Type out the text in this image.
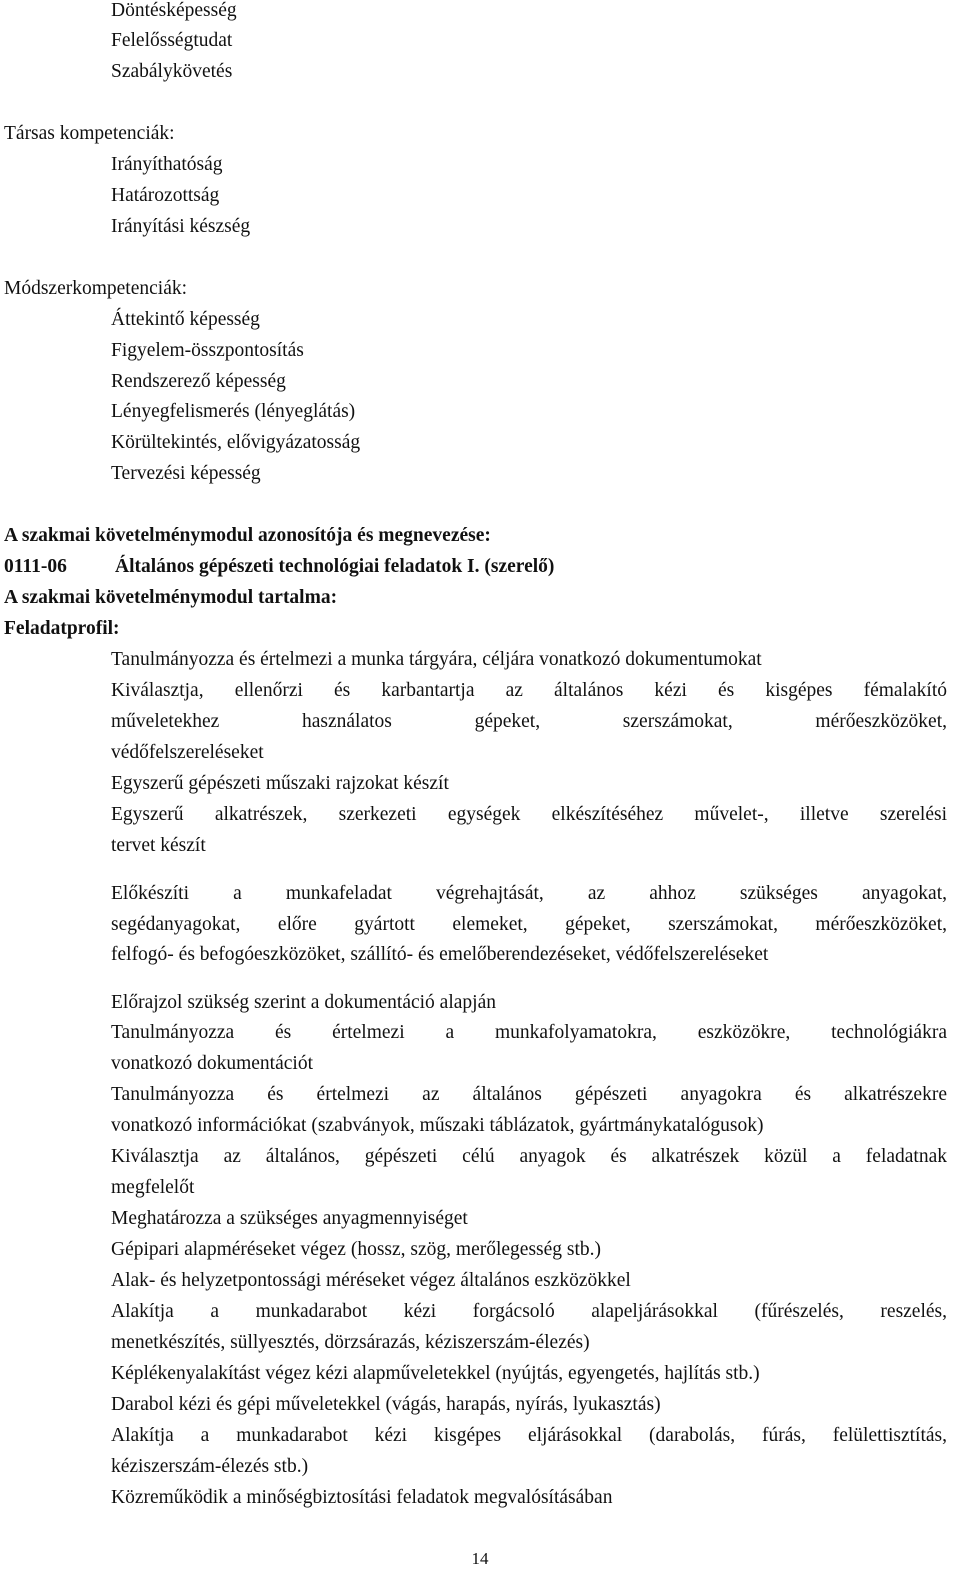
Döntésképesség
Felelősségtudat
Szabálykövetés
Társas kompetenciák:
Irányíthatóság
Határozottság
Irányítási készség
Módszerkompetenciák:
Áttekintő képesség
Figyelem-összpontosítás
Rendszerező képesség
Lényegfelismerés (lényeglátás)
Körültekintés, elővigyázatosság
Tervezési képesség
A szakmai követelménymodul azonosítója és megnevezése:
0111-06 Általános gépészeti technológiai feladatok I. (szerelő)
A szakmai követelménymodul tartalma:
Feladatprofil:
Tanulmányozza és értelmezi a munka tárgyára, céljára vonatkozó dokumentumokat
Kiválasztja, ellenőrzi és karbantartja az általános kézi és kisgépes fémalakító
műveletekhez használatos gépeket, szerszámokat, mérőeszközöket,
védőfelszereléseket
Egyszerű gépészeti műszaki rajzokat készít
Egyszerű alkatrészek, szerkezeti egységek elkészítéséhez művelet-, illetve szerelési
tervet készít
Előkészíti a munkafeladat végrehajtását, az ahhoz szükséges anyagokat,
segédanyagokat, előre gyártott elemeket, gépeket, szerszámokat, mérőeszközöket,
felfogó- és befogóeszközöket, szállító- és emelőberendezéseket, védőfelszereléseket
Előrajzol szükség szerint a dokumentáció alapján
Tanulmányozza és értelmezi a munkafolyamatokra, eszközökre, technológiákra
vonatkozó dokumentációt
Tanulmányozza és értelmezi az általános gépészeti anyagokra és alkatrészekre
vonatkozó információkat (szabványok, műszaki táblázatok, gyártmánykatalógusok)
Kiválasztja az általános, gépészeti célú anyagok és alkatrészek közül a feladatnak
megfelelőt
Meghatározza a szükséges anyagmennyiséget
Gépipari alapméréseket végez (hossz, szög, merőlegesség stb.)
Alak- és helyzetpontossági méréseket végez általános eszközökkel
Alakítja a munkadarabot kézi forgácsoló alapeljárásokkal (fűrészelés, reszelés,
menetkészítés, süllyesztés, dörzsárazás, kéziszerszám-élezés)
Képlékenyalakítást végez kézi alapműveletekkel (nyújtás, egyengetés, hajlítás stb.)
Darabol kézi és gépi műveletekkel (vágás, harapás, nyírás, lyukasztás)
Alakítja a munkadarabot kézi kisgépes eljárásokkal (darabolás, fúrás, felülettisztítás,
kéziszerszám-élezés stb.)
Közreműködik a minőségbiztosítási feladatok megvalósításában
14
